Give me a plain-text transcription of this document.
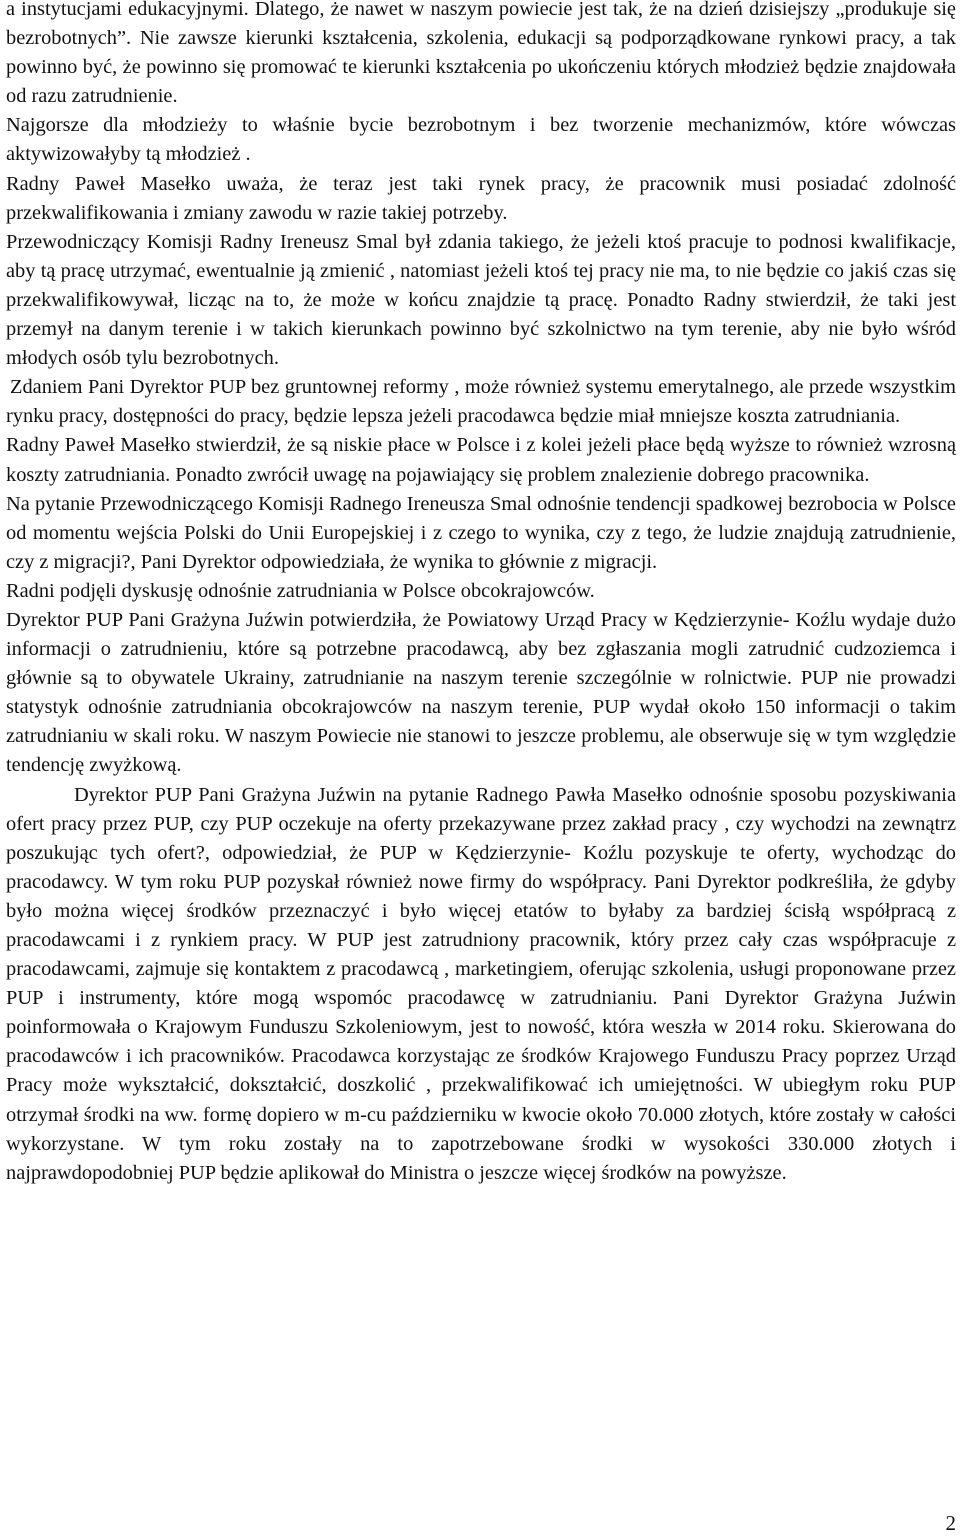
a instytucjami edukacyjnymi. Dlatego, że nawet w naszym powiecie jest tak, że na dzień dzisiejszy „produkuje się bezrobotnych”. Nie zawsze kierunki kształcenia, szkolenia, edukacji są podporządkowane rynkowi pracy, a tak powinno być, że powinno się promować te kierunki kształcenia po ukończeniu których młodzież będzie znajdowała od razu zatrudnienie.

Najgorsze dla młodzieży to właśnie bycie bezrobotnym i bez tworzenie mechanizmów, które wówczas aktywizowałyby tą młodzież .

Radny Paweł Masełko uważa, że teraz jest taki rynek pracy, że pracownik musi posiadać zdolność przekwalifikowania i zmiany zawodu w razie takiej potrzeby.

Przewodniczący Komisji Radny Ireneusz Smal był zdania takiego, że jeżeli ktoś pracuje to podnosi kwalifikacje, aby tą pracę utrzymać, ewentualnie ją zmienić , natomiast jeżeli ktoś tej pracy nie ma, to nie będzie co jakiś czas się przekwalifikowywał, licząc na to, że może w końcu znajdzie tą pracę. Ponadto Radny stwierdził, że taki jest przemył na danym terenie i w takich kierunkach powinno być szkolnictwo na tym terenie, aby nie było wśród młodych osób tylu bezrobotnych.

Zdaniem Pani Dyrektor PUP bez gruntownej reformy , może również systemu emerytalnego, ale przede wszystkim rynku pracy, dostępności do pracy, będzie lepsza jeżeli pracodawca będzie miał mniejsze koszta zatrudniania.

Radny Paweł Masełko stwierdził, że są niskie płace w Polsce i z kolei jeżeli płace będą wyższe to również wzrosną koszty zatrudniania. Ponadto zwrócił uwagę na pojawiający się problem znalezienie dobrego pracownika.

Na pytanie Przewodniczącego Komisji Radnego Ireneusza Smal odnośnie tendencji spadkowej bezrobocia w Polsce od momentu wejścia Polski do Unii Europejskiej i z czego to wynika, czy z tego, że ludzie znajdują zatrudnienie, czy z migracji?, Pani Dyrektor odpowiedziała, że wynika to głównie z migracji.

Radni podjęli dyskusję odnośnie zatrudniania w Polsce obcokrajowców.

Dyrektor PUP Pani Grażyna Juźwin potwierdziła, że Powiatowy Urząd Pracy w Kędzierzynie- Koźlu wydaje dużo informacji o zatrudnieniu, które są potrzebne pracodawcą, aby bez zgłaszania mogli zatrudnić cudzoziemca i głównie są to obywatele Ukrainy, zatrudnianie na naszym terenie szczególnie w rolnictwie. PUP nie prowadzi statystyk odnośnie zatrudniania obcokrajowców na naszym terenie, PUP wydał około 150 informacji o takim zatrudnianiu w skali roku. W naszym Powiecie nie stanowi to jeszcze problemu, ale obserwuje się w tym względzie tendencję zwyżkową.

Dyrektor PUP Pani Grażyna Juźwin na pytanie Radnego Pawła Masełko odnośnie sposobu pozyskiwania ofert pracy przez PUP, czy PUP oczekuje na oferty przekazywane przez zakład pracy , czy wychodzi na zewnątrz poszukując tych ofert?, odpowiedział, że PUP w Kędzierzynie- Koźlu pozyskuje te oferty, wychodząc do pracodawcy. W tym roku PUP pozyskał również nowe firmy do współpracy. Pani Dyrektor podkreśliła, że gdyby było można więcej środków przeznaczyć i było więcej etatów to byłaby za bardziej ścisłą współpracą z pracodawcami i z rynkiem pracy. W PUP jest zatrudniony pracownik, który przez cały czas współpracuje z pracodawcami, zajmuje się kontaktem z pracodawcą , marketingiem, oferując szkolenia, usługi proponowane przez PUP i instrumenty, które mogą wspomóc pracodawcę w zatrudnianiu. Pani Dyrektor Grażyna Juźwin poinformowała o Krajowym Funduszu Szkoleniowym, jest to nowość, która weszła w 2014 roku. Skierowana do pracodawców i ich pracowników. Pracodawca korzystając ze środków Krajowego Funduszu Pracy poprzez Urząd Pracy może wykształcić, dokształcić, doszkolić , przekwalifikować ich umiejętności. W ubiegłym roku PUP otrzymał środki na ww. formę dopiero w m-cu październiku w kwocie około 70.000 złotych, które zostały w całości wykorzystane. W tym roku zostały na to zapotrzebowane środki w wysokości 330.000 złotych i najprawdopodobniej PUP będzie aplikował do Ministra o jeszcze więcej środków na powyższe.

2
